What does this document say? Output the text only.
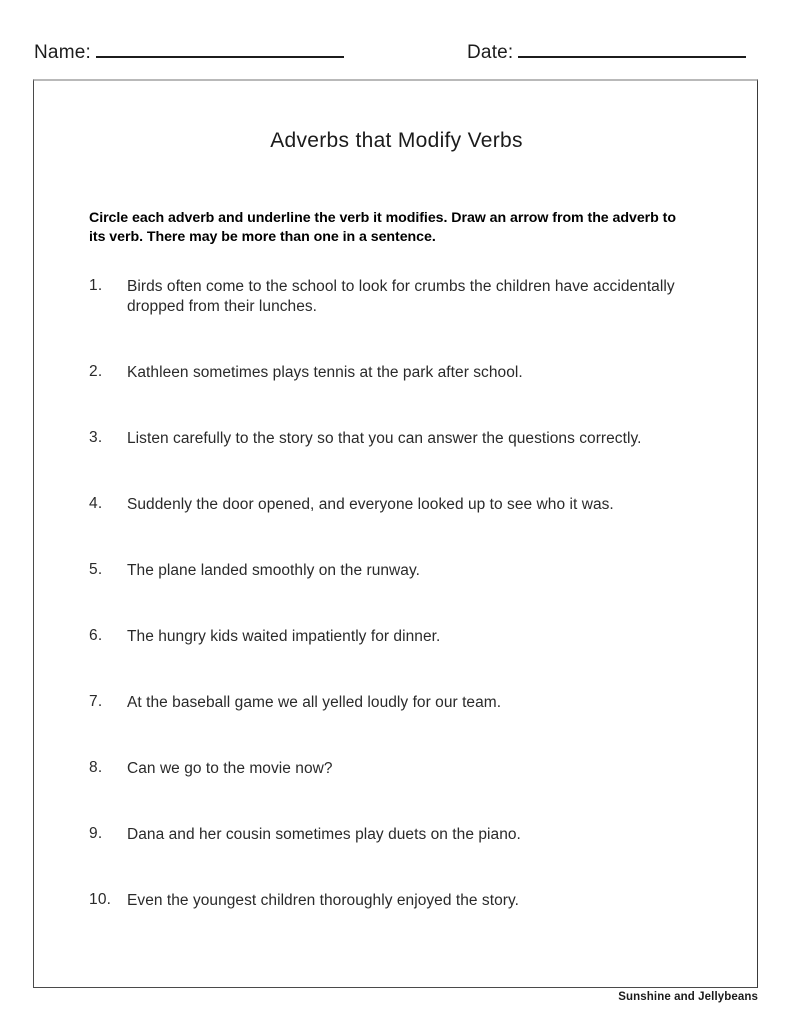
Name:	Date:
Adverbs that Modify Verbs
Circle each adverb and underline the verb it modifies. Draw an arrow from the adverb to its verb. There may be more than one in a sentence.
1.	Birds often come to the school to look for crumbs the children have accidentally dropped from their lunches.
2.	Kathleen sometimes plays tennis at the park after school.
3.	Listen carefully to the story so that you can answer the questions correctly.
4.	Suddenly the door opened, and everyone looked up to see who it was.
5.	The plane landed smoothly on the runway.
6.	The hungry kids waited impatiently for dinner.
7.	At the baseball game we all yelled loudly for our team.
8.	Can we go to the movie now?
9.	Dana and her cousin sometimes play duets on the piano.
10.	Even the youngest children thoroughly enjoyed the story.
Sunshine and Jellybeans
